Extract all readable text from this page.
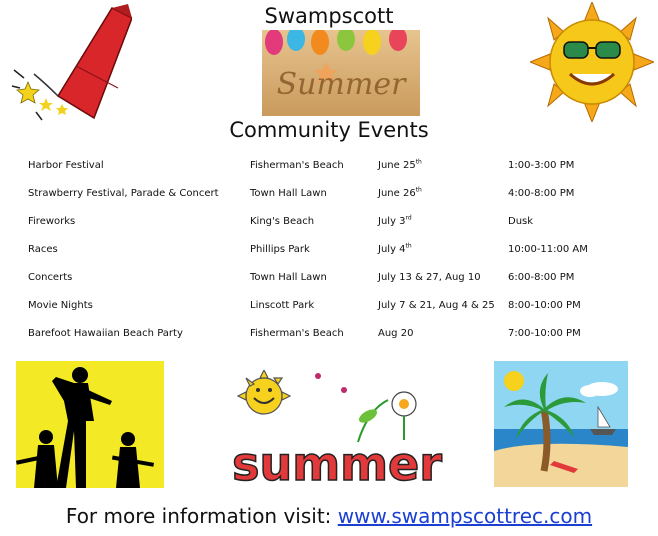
Swampscott
Summer
Community Events
Harbor Festival	Fisherman's Beach	June 25th	1:00-3:00 PM
Strawberry Festival, Parade & Concert	Town Hall Lawn	June 26th	4:00-8:00 PM
Fireworks	King's Beach	July 3rd	Dusk
Races	Phillips Park	July 4th	10:00-11:00 AM
Concerts	Town Hall Lawn	July 13 & 27, Aug 10	6:00-8:00 PM
Movie Nights	Linscott Park	July 7 & 21, Aug 4 & 25 8:00-10:00 PM
Barefoot Hawaiian Beach Party	Fisherman's Beach	Aug 20	7:00-10:00 PM
summer
For more information visit: www.swampscottrec.com
